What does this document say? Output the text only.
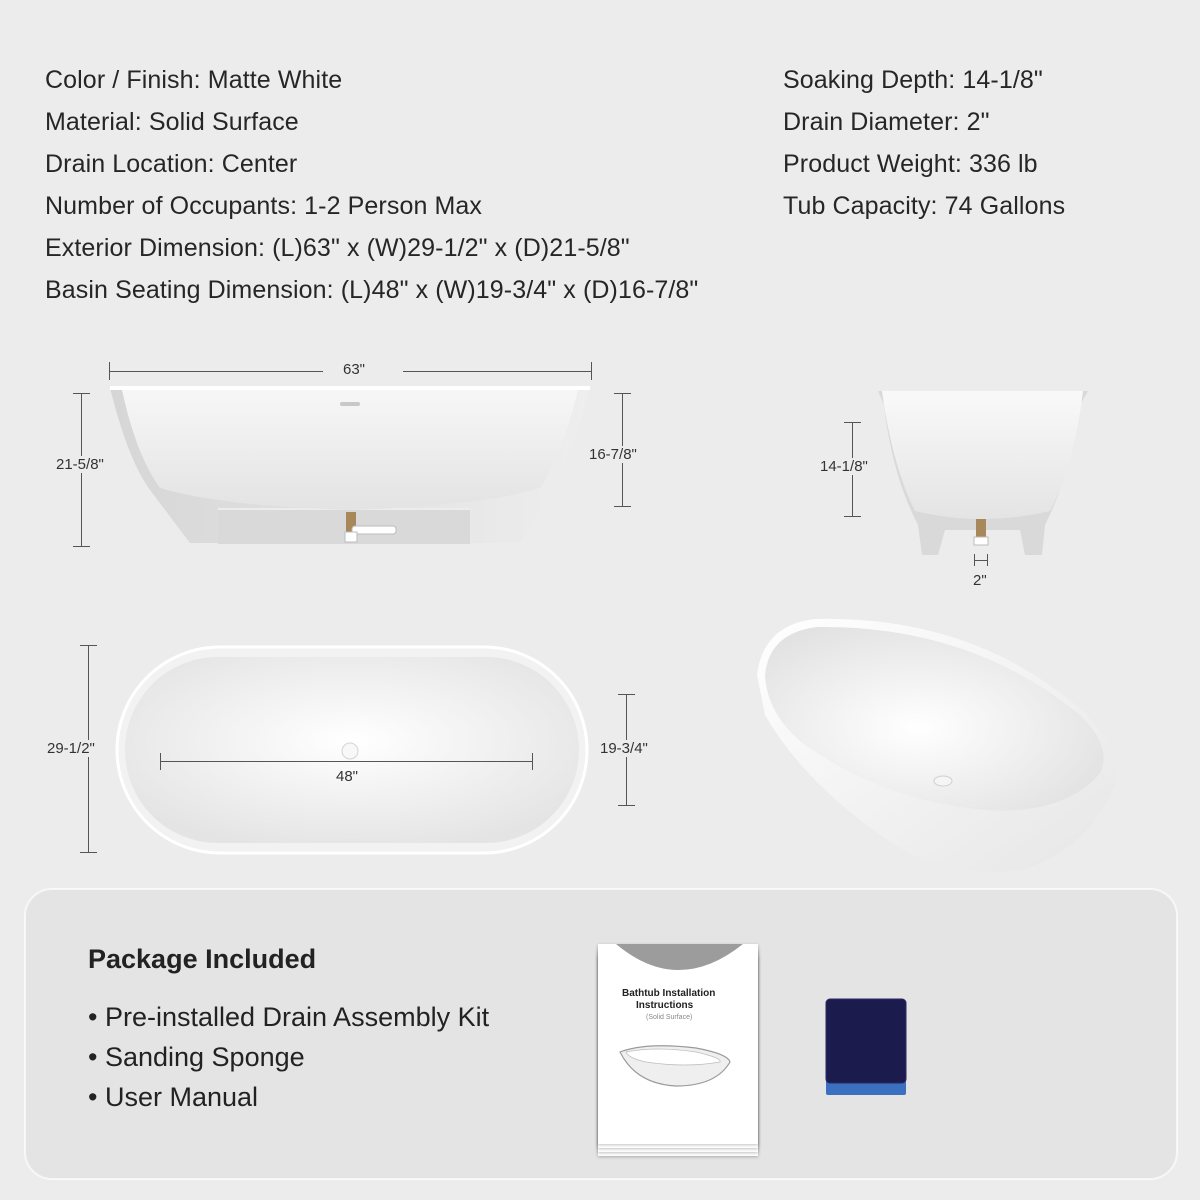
Color / Finish: Matte White
Material: Solid Surface
Drain Location: Center
Number of Occupants: 1-2 Person Max
Exterior Dimension: (L)63" x (W)29-1/2" x (D)21-5/8"
Basin Seating Dimension: (L)48" x (W)19-3/4" x (D)16-7/8"
Soaking Depth: 14-1/8"
Drain Diameter: 2"
Product Weight: 336 lb
Tub Capacity: 74 Gallons
63"
21-5/8"
16-7/8"
14-1/8"
2"
29-1/2"
48"
19-3/4"
Package Included
• Pre-installed Drain Assembly Kit
• Sanding Sponge
• User Manual
Bathtub Installation
Instructions
(Solid Surface)
